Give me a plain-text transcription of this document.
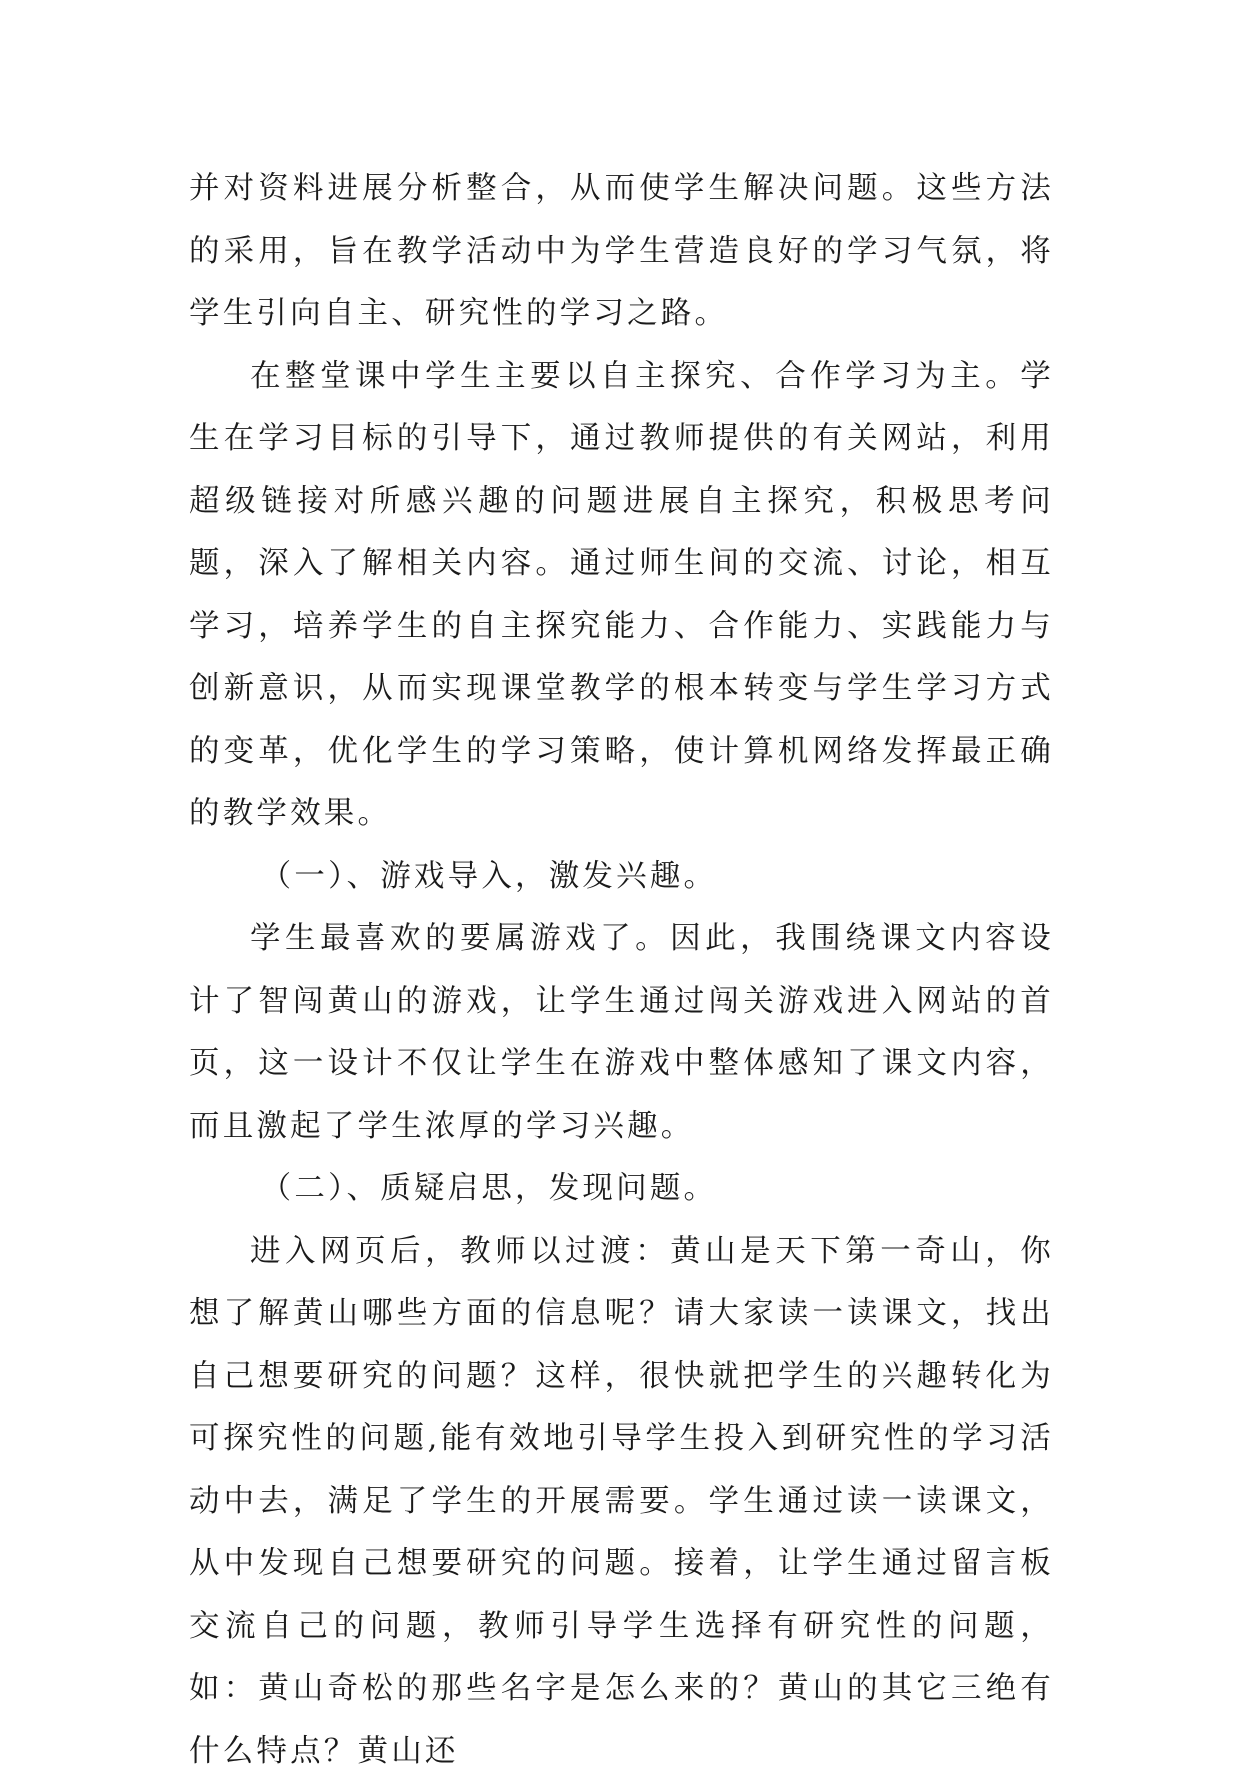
并对资料进展分析整合，从而使学生解决问题。这些方法的采用，旨在教学活动中为学生营造良好的学习气氛，将学生引向自主、研究性的学习之路。

在整堂课中学生主要以自主探究、合作学习为主。学生在学习目标的引导下，通过教师提供的有关网站，利用超级链接对所感兴趣的问题进展自主探究，积极思考问题，深入了解相关内容。通过师生间的交流、讨论，相互学习，培养学生的自主探究能力、合作能力、实践能力与创新意识，从而实现课堂教学的根本转变与学生学习方式的变革，优化学生的学习策略，使计算机网络发挥最正确的教学效果。

（一）、游戏导入，激发兴趣。

学生最喜欢的要属游戏了。因此，我围绕课文内容设计了智闯黄山的游戏，让学生通过闯关游戏进入网站的首页，这一设计不仅让学生在游戏中整体感知了课文内容，而且激起了学生浓厚的学习兴趣。

（二）、质疑启思，发现问题。

进入网页后，教师以过渡：黄山是天下第一奇山，你想了解黄山哪些方面的信息呢？请大家读一读课文，找出自己想要研究的问题？这样，很快就把学生的兴趣转化为可探究性的问题,能有效地引导学生投入到研究性的学习活动中去，满足了学生的开展需要。学生通过读一读课文，从中发现自己想要研究的问题。接着，让学生通过留言板交流自己的问题，教师引导学生选择有研究性的问题，如：黄山奇松的那些名字是怎么来的？黄山的其它三绝有什么特点？黄山还
